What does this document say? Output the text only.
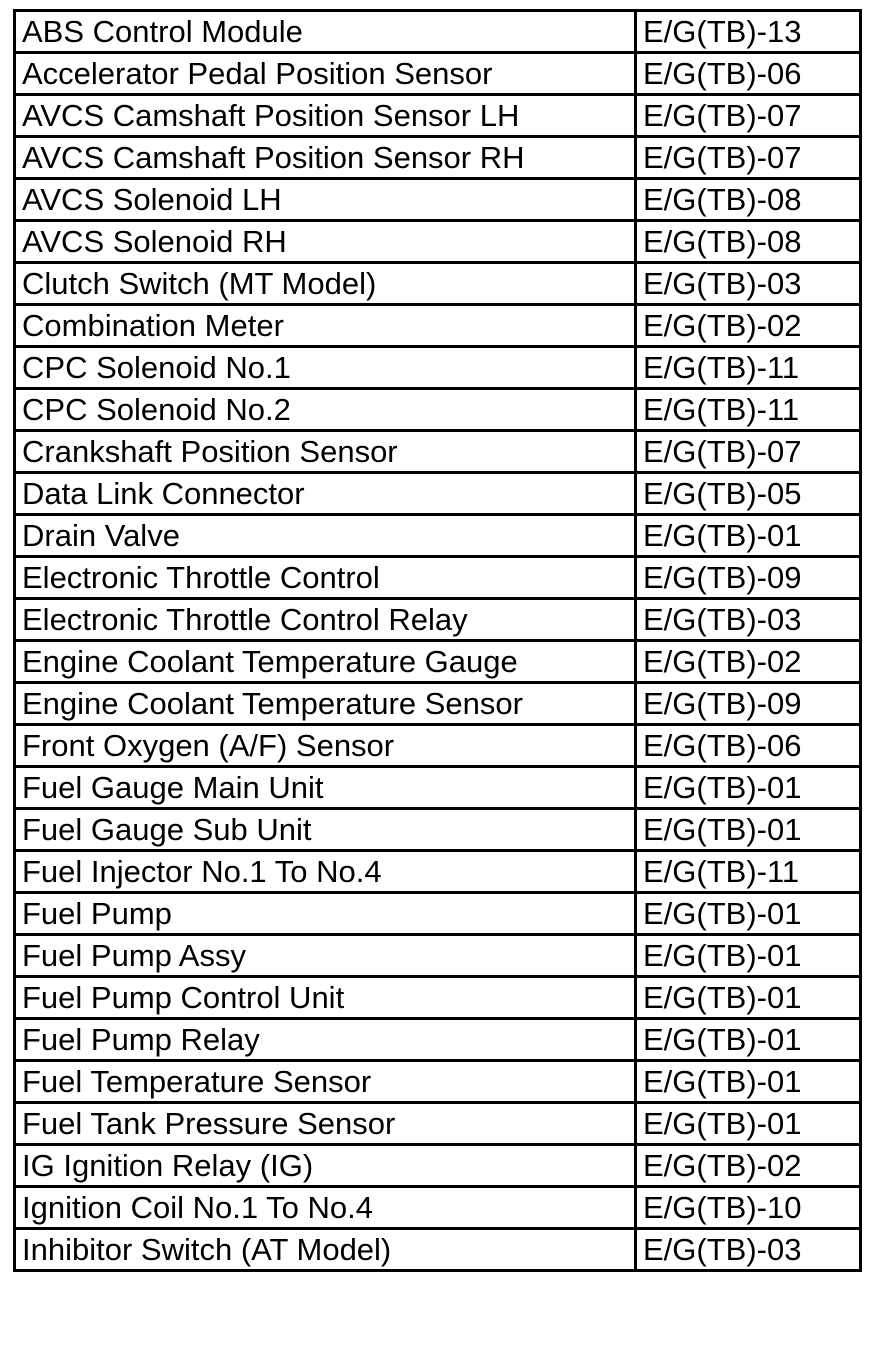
ABS Control Module	E/G(TB)-13
Accelerator Pedal Position Sensor	E/G(TB)-06
AVCS Camshaft Position Sensor LH	E/G(TB)-07
AVCS Camshaft Position Sensor RH	E/G(TB)-07
AVCS Solenoid LH	E/G(TB)-08
AVCS Solenoid RH	E/G(TB)-08
Clutch Switch (MT Model)	E/G(TB)-03
Combination Meter	E/G(TB)-02
CPC Solenoid No.1	E/G(TB)-11
CPC Solenoid No.2	E/G(TB)-11
Crankshaft Position Sensor	E/G(TB)-07
Data Link Connector	E/G(TB)-05
Drain Valve	E/G(TB)-01
Electronic Throttle Control	E/G(TB)-09
Electronic Throttle Control Relay	E/G(TB)-03
Engine Coolant Temperature Gauge	E/G(TB)-02
Engine Coolant Temperature Sensor	E/G(TB)-09
Front Oxygen (A/F) Sensor	E/G(TB)-06
Fuel Gauge Main Unit	E/G(TB)-01
Fuel Gauge Sub Unit	E/G(TB)-01
Fuel Injector No.1 To No.4	E/G(TB)-11
Fuel Pump	E/G(TB)-01
Fuel Pump Assy	E/G(TB)-01
Fuel Pump Control Unit	E/G(TB)-01
Fuel Pump Relay	E/G(TB)-01
Fuel Temperature Sensor	E/G(TB)-01
Fuel Tank Pressure Sensor	E/G(TB)-01
IG Ignition Relay (IG)	E/G(TB)-02
Ignition Coil No.1 To No.4	E/G(TB)-10
Inhibitor Switch (AT Model)	E/G(TB)-03
